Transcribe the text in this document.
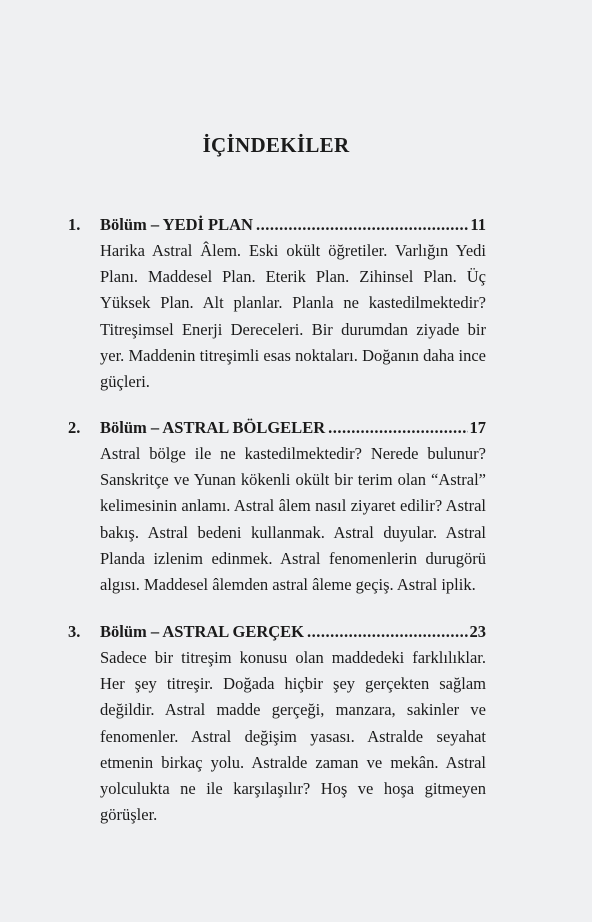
İÇİNDEKİLER
1.	Bölüm – YEDİ PLAN .....	11

Harika Astral Âlem. Eski okült öğretiler. Varlığın Yedi Planı. Maddesel Plan. Eterik Plan. Zihinsel Plan. Üç Yüksek Plan. Alt planlar. Planla ne kastedilmektedir? Titreşimsel Enerji Dereceleri. Bir durumdan ziyade bir yer. Maddenin titreşimli esas noktaları. Doğanın daha ince güçleri.

2.	Bölüm – ASTRAL BÖLGELER .....	17

Astral bölge ile ne kastedilmektedir? Nerede bulunur? Sanskritçe ve Yunan kökenli okült bir terim olan “Astral” kelimesinin anlamı. Astral âlem nasıl ziyaret edilir? Astral bakış. Astral bedeni kullanmak. Astral duyular. Astral Planda izlenim edinmek. Astral fenomenlerin durugörü algısı. Maddesel âlemden astral âleme geçiş. Astral iplik.

3.	Bölüm – ASTRAL GERÇEK .....	23

Sadece bir titreşim konusu olan maddedeki farklılıklar. Her şey titreşir. Doğada hiçbir şey gerçekten sağlam değildir. Astral madde gerçeği, manzara, sakinler ve fenomenler. Astral değişim yasası. Astralde seyahat etmenin birkaç yolu. Astralde zaman ve mekân. Astral yolculukta ne ile karşılaşılır? Hoş ve hoşa gitmeyen görüşler.
